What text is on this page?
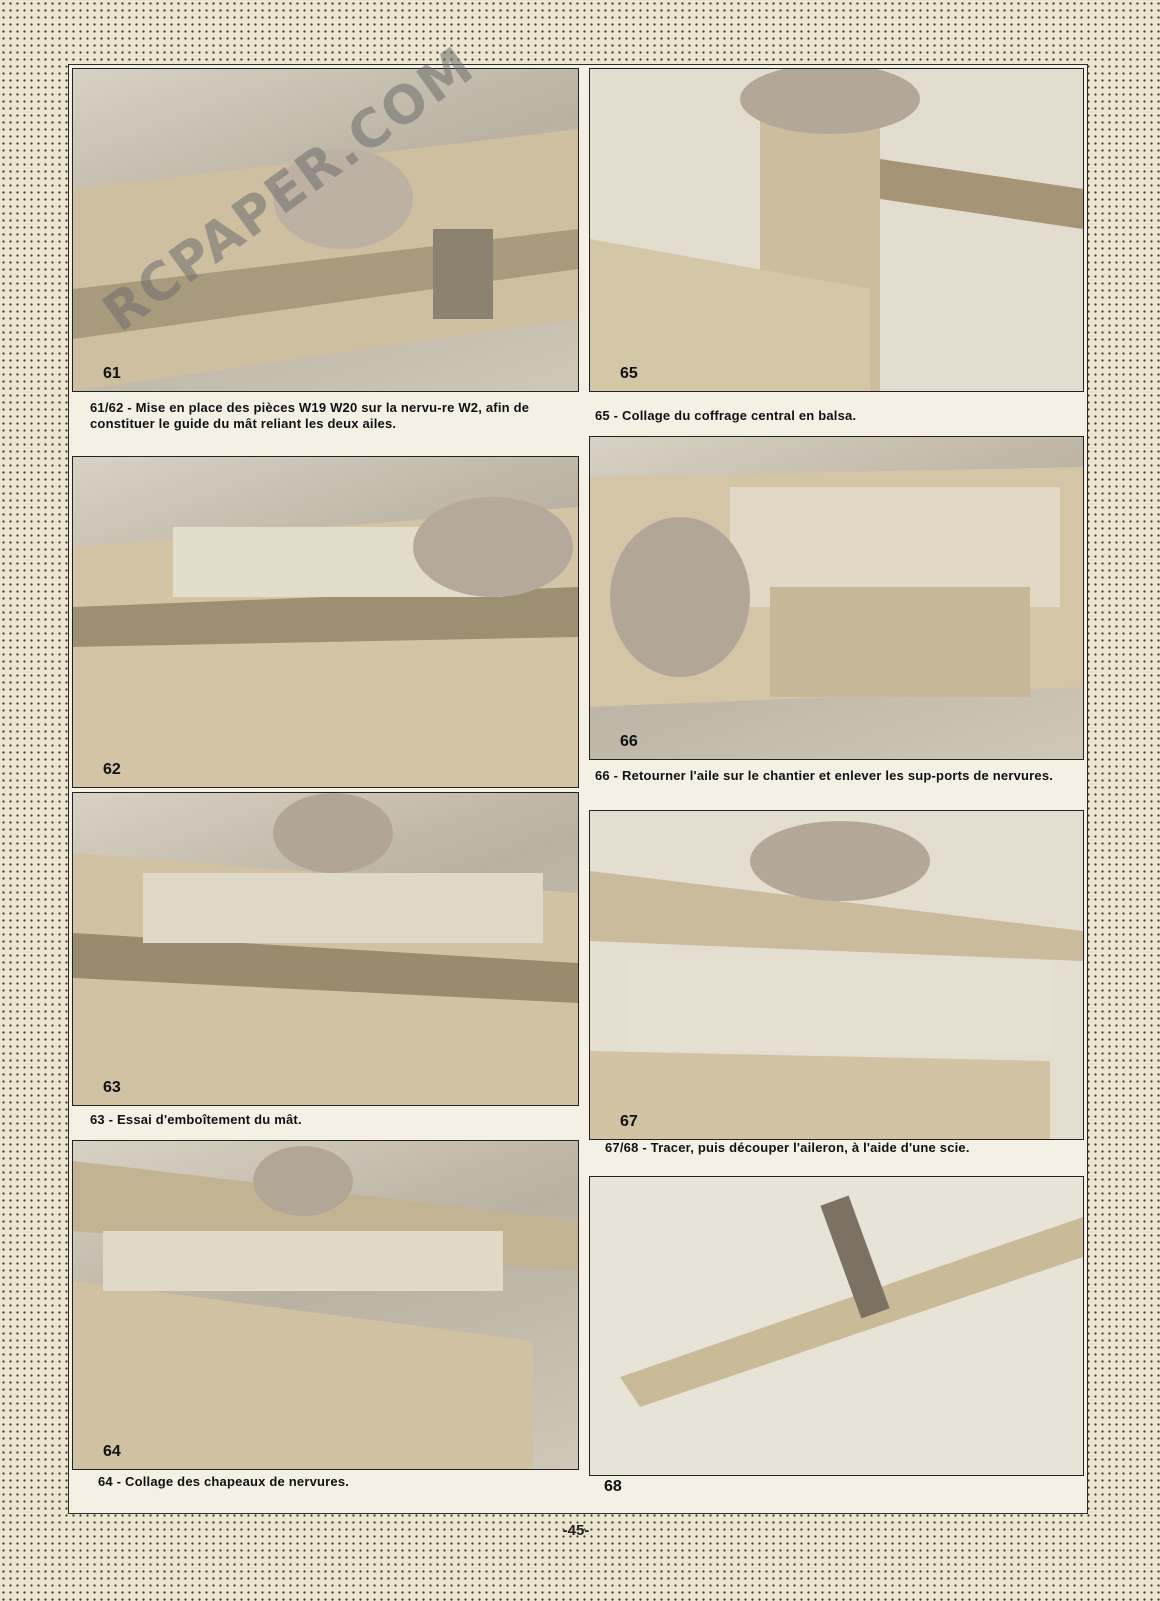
61
61/62 - Mise en place des pièces W19 W20 sur la nervu-re W2, afin de constituer le guide du mât reliant les deux ailes.
62
63
63 - Essai d'emboîtement du mât.
64
64 - Collage des chapeaux de nervures.
65
65 - Collage du coffrage central en balsa.
66
66 - Retourner l'aile sur le chantier et enlever les sup-ports de nervures.
67
67/68 - Tracer, puis découper l'aileron, à l'aide d'une scie.
68
RCPAPER.COM
-45-
